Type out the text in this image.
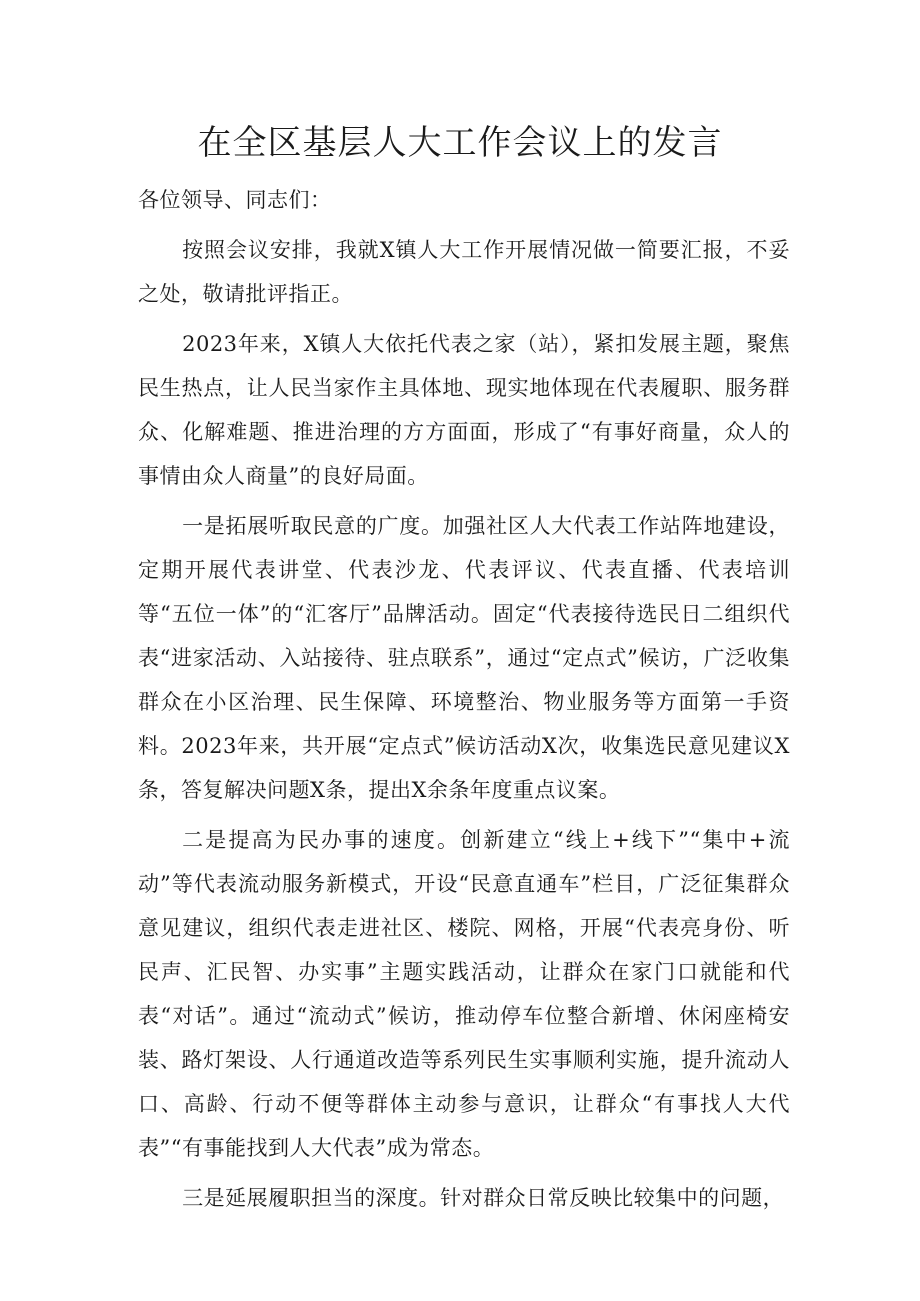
在全区基层人大工作会议上的发言

各位领导、同志们：

按照会议安排，我就X镇人大工作开展情况做一简要汇报，不妥之处，敬请批评指正。

2023年来，X镇人大依托代表之家（站），紧扣发展主题，聚焦民生热点，让人民当家作主具体地、现实地体现在代表履职、服务群众、化解难题、推进治理的方方面面，形成了“有事好商量，众人的事情由众人商量”的良好局面。

一是拓展听取民意的广度。加强社区人大代表工作站阵地建设，定期开展代表讲堂、代表沙龙、代表评议、代表直播、代表培训等“五位一体”的“汇客厅”品牌活动。固定“代表接待选民日二组织代表“进家活动、入站接待、驻点联系”，通过“定点式”候访，广泛收集群众在小区治理、民生保障、环境整治、物业服务等方面第一手资料。2023年来，共开展“定点式”候访活动X次，收集选民意见建议X条，答复解决问题X条，提出X余条年度重点议案。

二是提高为民办事的速度。创新建立“线上+线下”“集中+流动”等代表流动服务新模式，开设“民意直通车”栏目，广泛征集群众意见建议，组织代表走进社区、楼院、网格，开展“代表亮身份、听民声、汇民智、办实事”主题实践活动，让群众在家门口就能和代表“对话”。通过“流动式”候访，推动停车位整合新增、休闲座椅安装、路灯架设、人行通道改造等系列民生实事顺利实施，提升流动人口、高龄、行动不便等群体主动参与意识，让群众“有事找人大代表”“有事能找到人大代表”成为常态。

三是延展履职担当的深度。针对群众日常反映比较集中的问题，
